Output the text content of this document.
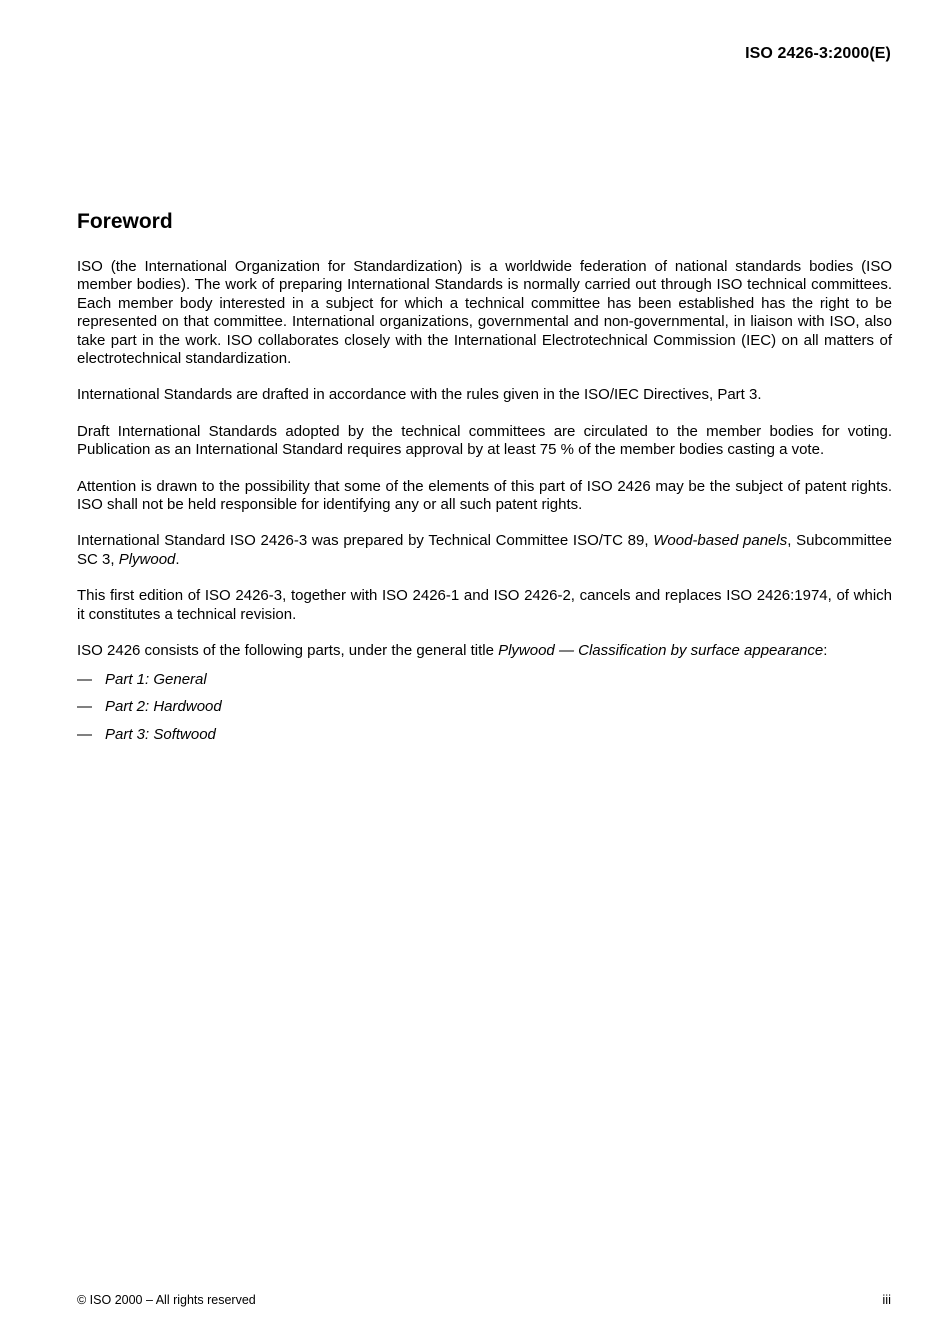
ISO 2426-3:2000(E)
Foreword

ISO (the International Organization for Standardization) is a worldwide federation of national standards bodies (ISO member bodies). The work of preparing International Standards is normally carried out through ISO technical committees. Each member body interested in a subject for which a technical committee has been established has the right to be represented on that committee. International organizations, governmental and non-governmental, in liaison with ISO, also take part in the work. ISO collaborates closely with the International Electrotechnical Commission (IEC) on all matters of electrotechnical standardization.

International Standards are drafted in accordance with the rules given in the ISO/IEC Directives, Part 3.

Draft International Standards adopted by the technical committees are circulated to the member bodies for voting. Publication as an International Standard requires approval by at least 75 % of the member bodies casting a vote.

Attention is drawn to the possibility that some of the elements of this part of ISO 2426 may be the subject of patent rights. ISO shall not be held responsible for identifying any or all such patent rights.

International Standard ISO 2426-3 was prepared by Technical Committee ISO/TC 89, Wood-based panels, Subcommittee SC 3, Plywood.

This first edition of ISO 2426-3, together with ISO 2426-1 and ISO 2426-2, cancels and replaces ISO 2426:1974, of which it constitutes a technical revision.

ISO 2426 consists of the following parts, under the general title Plywood — Classification by surface appearance:

— Part 1: General
— Part 2: Hardwood
— Part 3: Softwood
© ISO 2000 – All rights reserved	iii
